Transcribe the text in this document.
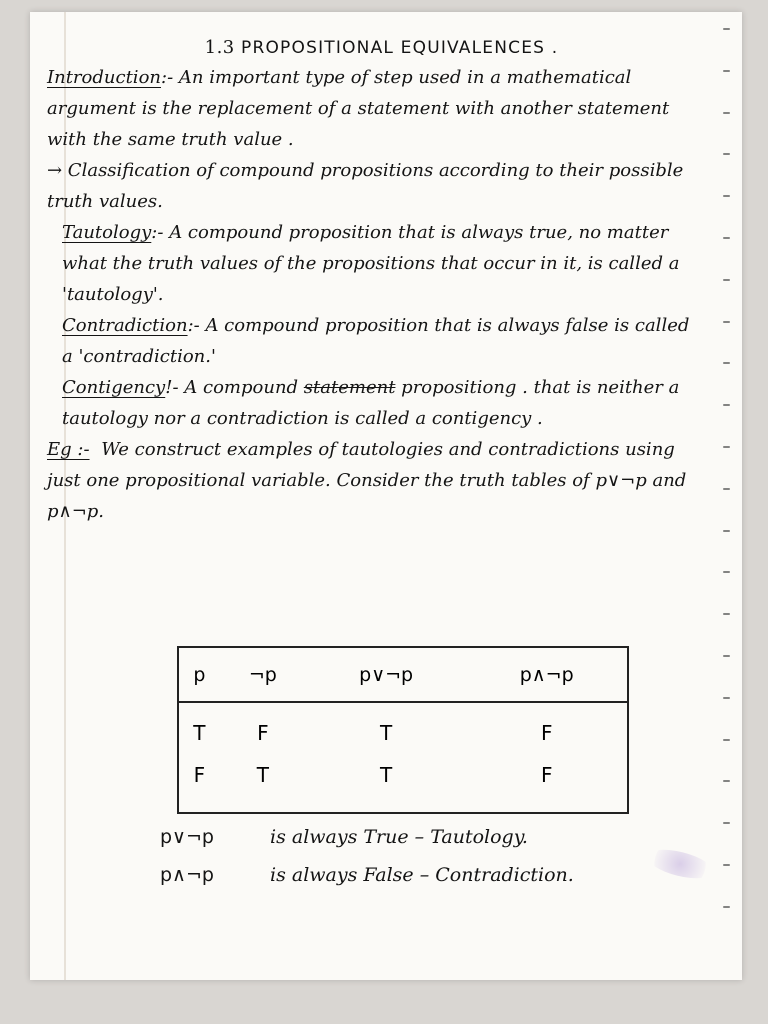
1.3 PROPOSITIONAL EQUIVALENCES .

Introduction:- An important type of step used in a mathematical argument is the replacement of a statement with another statement with the same truth value .

→ Classification of compound propositions according to their possible truth values.

Tautology:- A compound proposition that is always true, no matter what the truth values of the propositions that occur in it, is called a 'tautology'.

Contradiction:- A compound proposition that is always false is called a 'contradiction.'

Contigency!- A compound statement propositiong . that is neither a tautology nor a contradiction is called a contigency .

Eg :- We construct examples of tautologies and contradictions using just one propositional variable. Consider the truth tables of p∨¬p and p∧¬p.

p	¬p	p∨¬p	p∧¬p
T	F	T	F
F	T	T	F
p∨¬p	is always True – Tautology.
p∧¬p	is always False – Contradiction.
